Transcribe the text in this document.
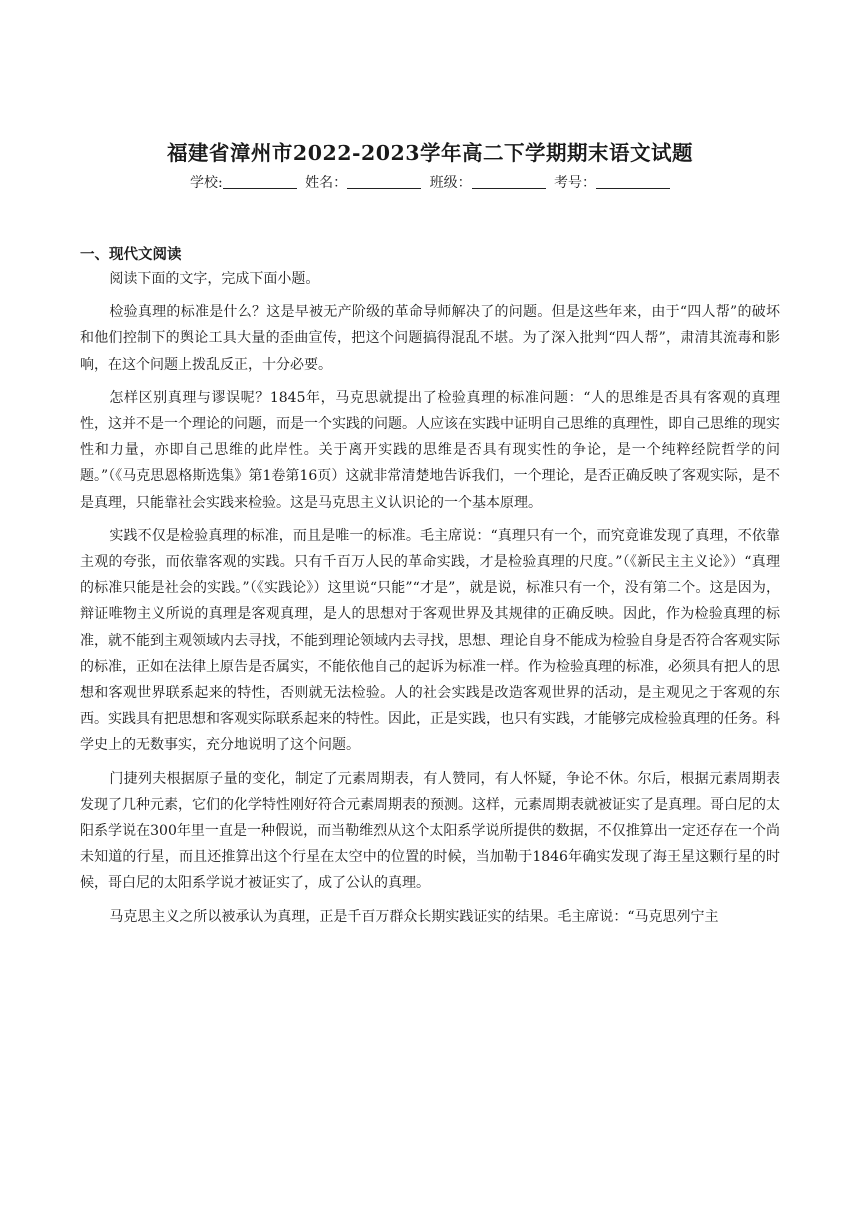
福建省漳州市2022-2023学年高二下学期期末语文试题
学校:	姓名：	班级：	考号：
一、现代文阅读

阅读下面的文字，完成下面小题。

检验真理的标准是什么？这是早被无产阶级的革命导师解决了的问题。但是这些年来，由于“四人帮”的破坏和他们控制下的舆论工具大量的歪曲宣传，把这个问题搞得混乱不堪。为了深入批判“四人帮”，肃清其流毒和影响，在这个问题上拨乱反正，十分必要。

怎样区别真理与谬误呢？1845年，马克思就提出了检验真理的标准问题：“人的思维是否具有客观的真理性，这并不是一个理论的问题，而是一个实践的问题。人应该在实践中证明自己思维的真理性，即自己思维的现实性和力量，亦即自己思维的此岸性。关于离开实践的思维是否具有现实性的争论，是一个纯粹经院哲学的问题。”（《马克思恩格斯选集》第1卷第16页）这就非常清楚地告诉我们，一个理论，是否正确反映了客观实际，是不是真理，只能靠社会实践来检验。这是马克思主义认识论的一个基本原理。

实践不仅是检验真理的标准，而且是唯一的标准。毛主席说：“真理只有一个，而究竟谁发现了真理，不依靠主观的夸张，而依靠客观的实践。只有千百万人民的革命实践，才是检验真理的尺度。”（《新民主主义论》）“真理的标准只能是社会的实践。”（《实践论》）这里说“只能”“才是”，就是说，标准只有一个，没有第二个。这是因为，辩证唯物主义所说的真理是客观真理，是人的思想对于客观世界及其规律的正确反映。因此，作为检验真理的标准，就不能到主观领域内去寻找，不能到理论领域内去寻找，思想、理论自身不能成为检验自身是否符合客观实际的标准，正如在法律上原告是否属实，不能依他自己的起诉为标准一样。作为检验真理的标准，必须具有把人的思想和客观世界联系起来的特性，否则就无法检验。人的社会实践是改造客观世界的活动，是主观见之于客观的东西。实践具有把思想和客观实际联系起来的特性。因此，正是实践，也只有实践，才能够完成检验真理的任务。科学史上的无数事实，充分地说明了这个问题。

门捷列夫根据原子量的变化，制定了元素周期表，有人赞同，有人怀疑，争论不休。尔后，根据元素周期表发现了几种元素，它们的化学特性刚好符合元素周期表的预测。这样，元素周期表就被证实了是真理。哥白尼的太阳系学说在300年里一直是一种假说，而当勒维烈从这个太阳系学说所提供的数据，不仅推算出一定还存在一个尚未知道的行星，而且还推算出这个行星在太空中的位置的时候，当加勒于1846年确实发现了海王星这颗行星的时候，哥白尼的太阳系学说才被证实了，成了公认的真理。

马克思主义之所以被承认为真理，正是千百万群众长期实践证实的结果。毛主席说：“马克思列宁主
